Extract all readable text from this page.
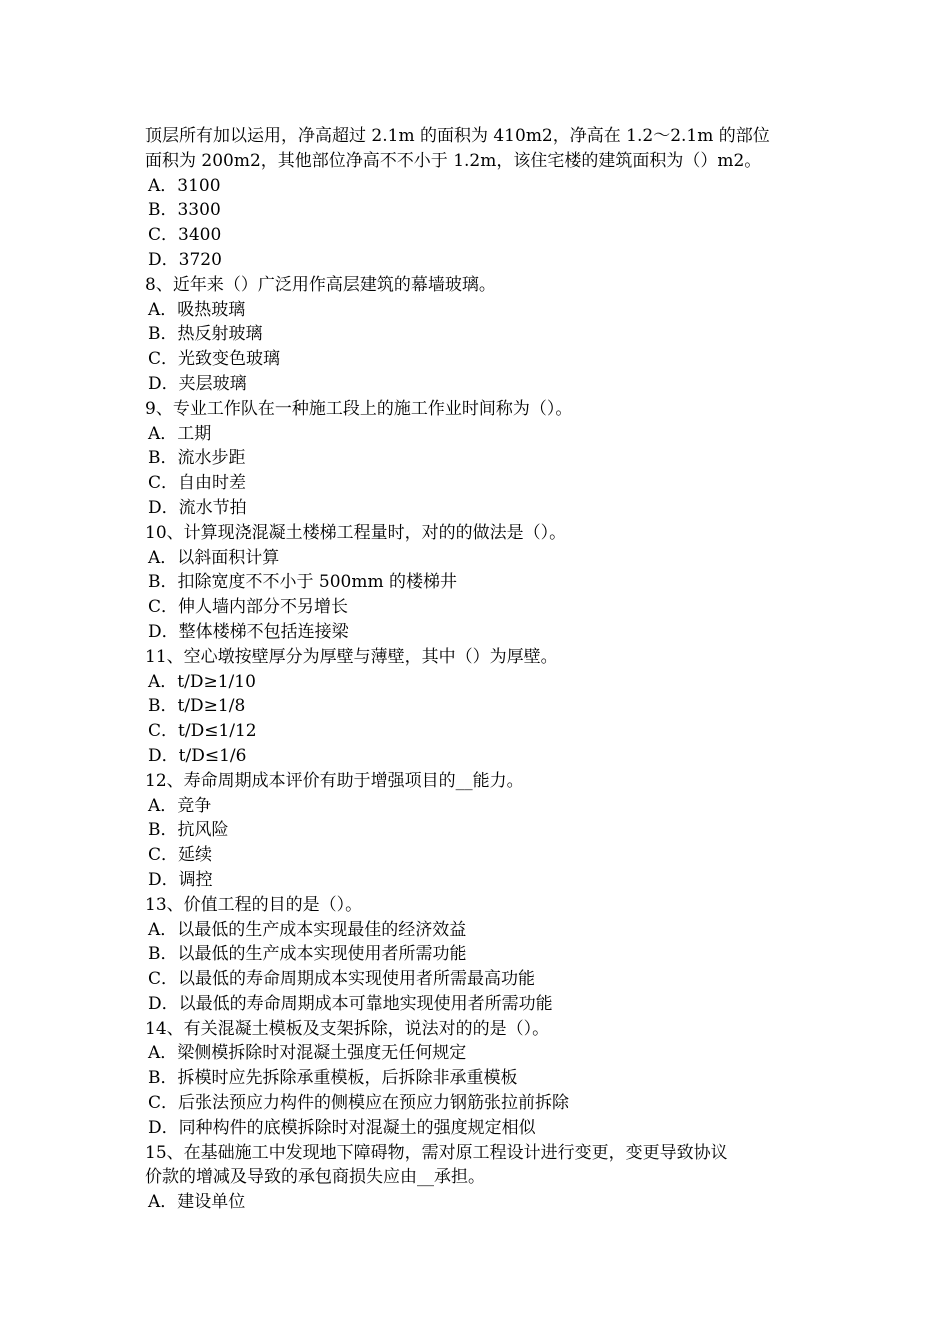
顶层所有加以运用，净高超过 2.1m 的面积为 410m2，净高在 1.2～2.1m 的部位
面积为 200m2，其他部位净高不不小于 1.2m，该住宅楼的建筑面积为（）m2。
A．3100
B．3300
C．3400
D．3720
8、近年来（）广泛用作高层建筑的幕墙玻璃。
A．吸热玻璃
B．热反射玻璃
C．光致变色玻璃
D．夹层玻璃
9、专业工作队在一种施工段上的施工作业时间称为（）。
A．工期
B．流水步距
C．自由时差
D．流水节拍
10、计算现浇混凝土楼梯工程量时，对的的做法是（）。
A．以斜面积计算
B．扣除宽度不不小于 500mm 的楼梯井
C．伸人墙内部分不另增长
D．整体楼梯不包括连接梁
11、空心墩按壁厚分为厚壁与薄壁，其中（）为厚壁。
A．t/D≥1/10
B．t/D≥1/8
C．t/D≤1/12
D．t/D≤1/6
12、寿命周期成本评价有助于增强项目的__能力。
A．竞争
B．抗风险
C．延续
D．调控
13、价值工程的目的是（）。
A．以最低的生产成本实现最佳的经济效益
B．以最低的生产成本实现使用者所需功能
C．以最低的寿命周期成本实现使用者所需最高功能
D．以最低的寿命周期成本可靠地实现使用者所需功能
14、有关混凝土模板及支架拆除，说法对的的是（）。
A．梁侧模拆除时对混凝土强度无任何规定
B．拆模时应先拆除承重模板，后拆除非承重模板
C．后张法预应力构件的侧模应在预应力钢筋张拉前拆除
D．同种构件的底模拆除时对混凝土的强度规定相似
15、在基础施工中发现地下障碍物，需对原工程设计进行变更，变更导致协议
价款的增减及导致的承包商损失应由__承担。
A．建设单位
